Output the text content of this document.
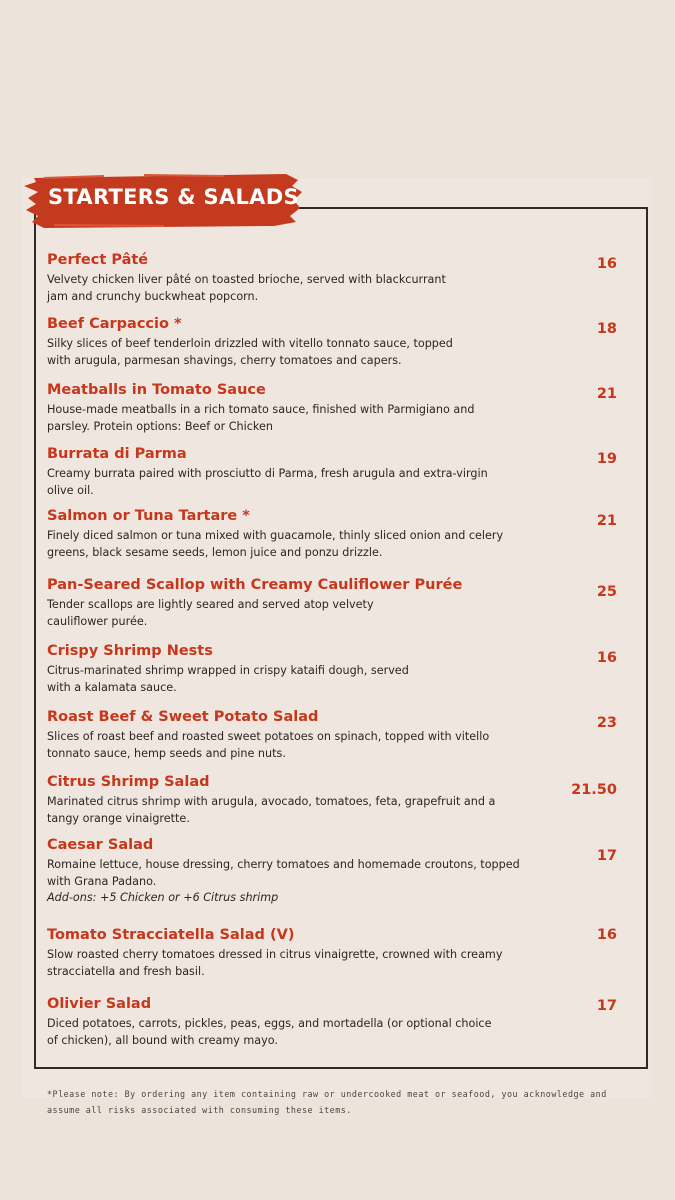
STARTERS & SALADS
Perfect Pâté
Velvety chicken liver pâté on toasted brioche, served with blackcurrant
jam and crunchy buckwheat popcorn.
16
Beef Carpaccio *
Silky slices of beef tenderloin drizzled with vitello tonnato sauce, topped
with arugula, parmesan shavings, cherry tomatoes and capers.
18
Meatballs in Tomato Sauce
House-made meatballs in a rich tomato sauce, finished with Parmigiano and
parsley. Protein options: Beef or Chicken
21
Burrata di Parma
Creamy burrata paired with prosciutto di Parma, fresh arugula and extra-virgin
olive oil.
19
Salmon or Tuna Tartare *
Finely diced salmon or tuna mixed with guacamole, thinly sliced onion and celery
greens, black sesame seeds, lemon juice and ponzu drizzle.
21
Pan-Seared Scallop with Creamy Cauliflower Purée
Tender scallops are lightly seared and served atop velvety
cauliflower purée.
25
Crispy Shrimp Nests
Citrus-marinated shrimp wrapped in crispy kataifi dough, served
with a kalamata sauce.
16
Roast Beef & Sweet Potato Salad
Slices of roast beef and roasted sweet potatoes on spinach, topped with vitello
tonnato sauce, hemp seeds and pine nuts.
23
Citrus Shrimp Salad
Marinated citrus shrimp with arugula, avocado, tomatoes, feta, grapefruit and a
tangy orange vinaigrette.
21.50
Caesar Salad
Romaine lettuce, house dressing, cherry tomatoes and homemade croutons, topped
with Grana Padano.
Add-ons: +5 Chicken or +6 Citrus shrimp
17
Tomato Stracciatella Salad (V)
Slow roasted cherry tomatoes dressed in citrus vinaigrette, crowned with creamy
stracciatella and fresh basil.
16
Olivier Salad
Diced potatoes, carrots, pickles, peas, eggs, and mortadella (or optional choice
of chicken), all bound with creamy mayo.
17
*Please note: By ordering any item containing raw or undercooked meat or seafood, you acknowledge and
assume all risks associated with consuming these items.
